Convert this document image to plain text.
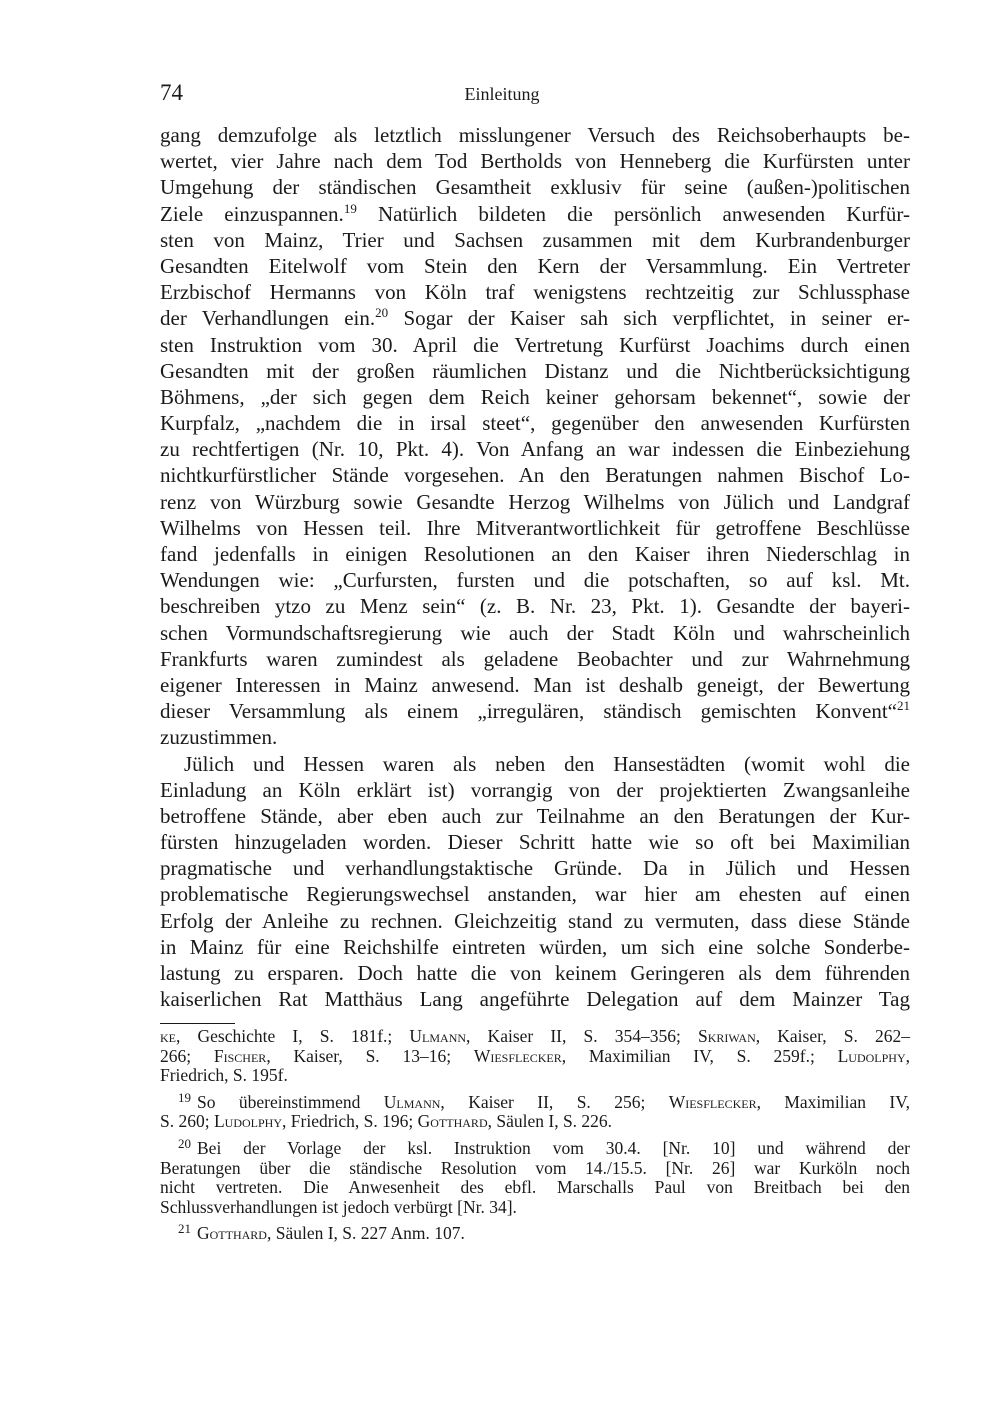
74	Einleitung
gang demzufolge als letztlich misslungener Versuch des Reichsoberhaupts be-
wertet, vier Jahre nach dem Tod Bertholds von Henneberg die Kurfürsten unter
Umgehung der ständischen Gesamtheit exklusiv für seine (außen-)politischen
Ziele einzuspannen.$^{19}$ Natürlich bildeten die persönlich anwesenden Kurfür-
sten von Mainz, Trier und Sachsen zusammen mit dem Kurbrandenburger
Gesandten Eitelwolf vom Stein den Kern der Versammlung. Ein Vertreter
Erzbischof Hermanns von Köln traf wenigstens rechtzeitig zur Schlussphase
der Verhandlungen ein.$^{20}$ Sogar der Kaiser sah sich verpflichtet, in seiner er-
sten Instruktion vom 30. April die Vertretung Kurfürst Joachims durch einen
Gesandten mit der großen räumlichen Distanz und die Nichtberücksichtigung
Böhmens, „der sich gegen dem Reich keiner gehorsam bekennet“, sowie der
Kurpfalz, „nachdem die in irsal steet“, gegenüber den anwesenden Kurfürsten
zu rechtfertigen (Nr. 10, Pkt. 4). Von Anfang an war indessen die Einbeziehung
nichtkurfürstlicher Stände vorgesehen. An den Beratungen nahmen Bischof Lo-
renz von Würzburg sowie Gesandte Herzog Wilhelms von Jülich und Landgraf
Wilhelms von Hessen teil. Ihre Mitverantwortlichkeit für getroffene Beschlüsse
fand jedenfalls in einigen Resolutionen an den Kaiser ihren Niederschlag in
Wendungen wie: „Curfursten, fursten und die potschaften, so auf ksl. Mt.
beschreiben ytzo zu Menz sein“ (z. B. Nr. 23, Pkt. 1). Gesandte der bayeri-
schen Vormundschaftsregierung wie auch der Stadt Köln und wahrscheinlich
Frankfurts waren zumindest als geladene Beobachter und zur Wahrnehmung
eigener Interessen in Mainz anwesend. Man ist deshalb geneigt, der Bewertung
dieser Versammlung als einem „irregulären, ständisch gemischten Konvent“$^{21}$
zuzustimmen.
Jülich und Hessen waren als neben den Hansestädten (womit wohl die
Einladung an Köln erklärt ist) vorrangig von der projektierten Zwangsanleihe
betroffene Stände, aber eben auch zur Teilnahme an den Beratungen der Kur-
fürsten hinzugeladen worden. Dieser Schritt hatte wie so oft bei Maximilian
pragmatische und verhandlungstaktische Gründe. Da in Jülich und Hessen
problematische Regierungswechsel anstanden, war hier am ehesten auf einen
Erfolg der Anleihe zu rechnen. Gleichzeitig stand zu vermuten, dass diese Stände
in Mainz für eine Reichshilfe eintreten würden, um sich eine solche Sonderbe-
lastung zu ersparen. Doch hatte die von keinem Geringeren als dem führenden
kaiserlichen Rat Matthäus Lang angeführte Delegation auf dem Mainzer Tag
ke, Geschichte I, S. 181f.; Ulmann, Kaiser II, S. 354–356; Skriwan, Kaiser, S. 262–
266; Fischer, Kaiser, S. 13–16; Wiesflecker, Maximilian IV, S. 259f.; Ludolphy,
Friedrich, S. 195f.
$^{19}$ So übereinstimmend Ulmann, Kaiser II, S. 256; Wiesflecker, Maximilian IV,
S. 260; Ludolphy, Friedrich, S. 196; Gotthard, Säulen I, S. 226.
$^{20}$ Bei der Vorlage der ksl. Instruktion vom 30.4. [Nr. 10] und während der
Beratungen über die ständische Resolution vom 14./15.5. [Nr. 26] war Kurköln noch
nicht vertreten. Die Anwesenheit des ebfl. Marschalls Paul von Breitbach bei den
Schlussverhandlungen ist jedoch verbürgt [Nr. 34].
$^{21}$ Gotthard, Säulen I, S. 227 Anm. 107.
